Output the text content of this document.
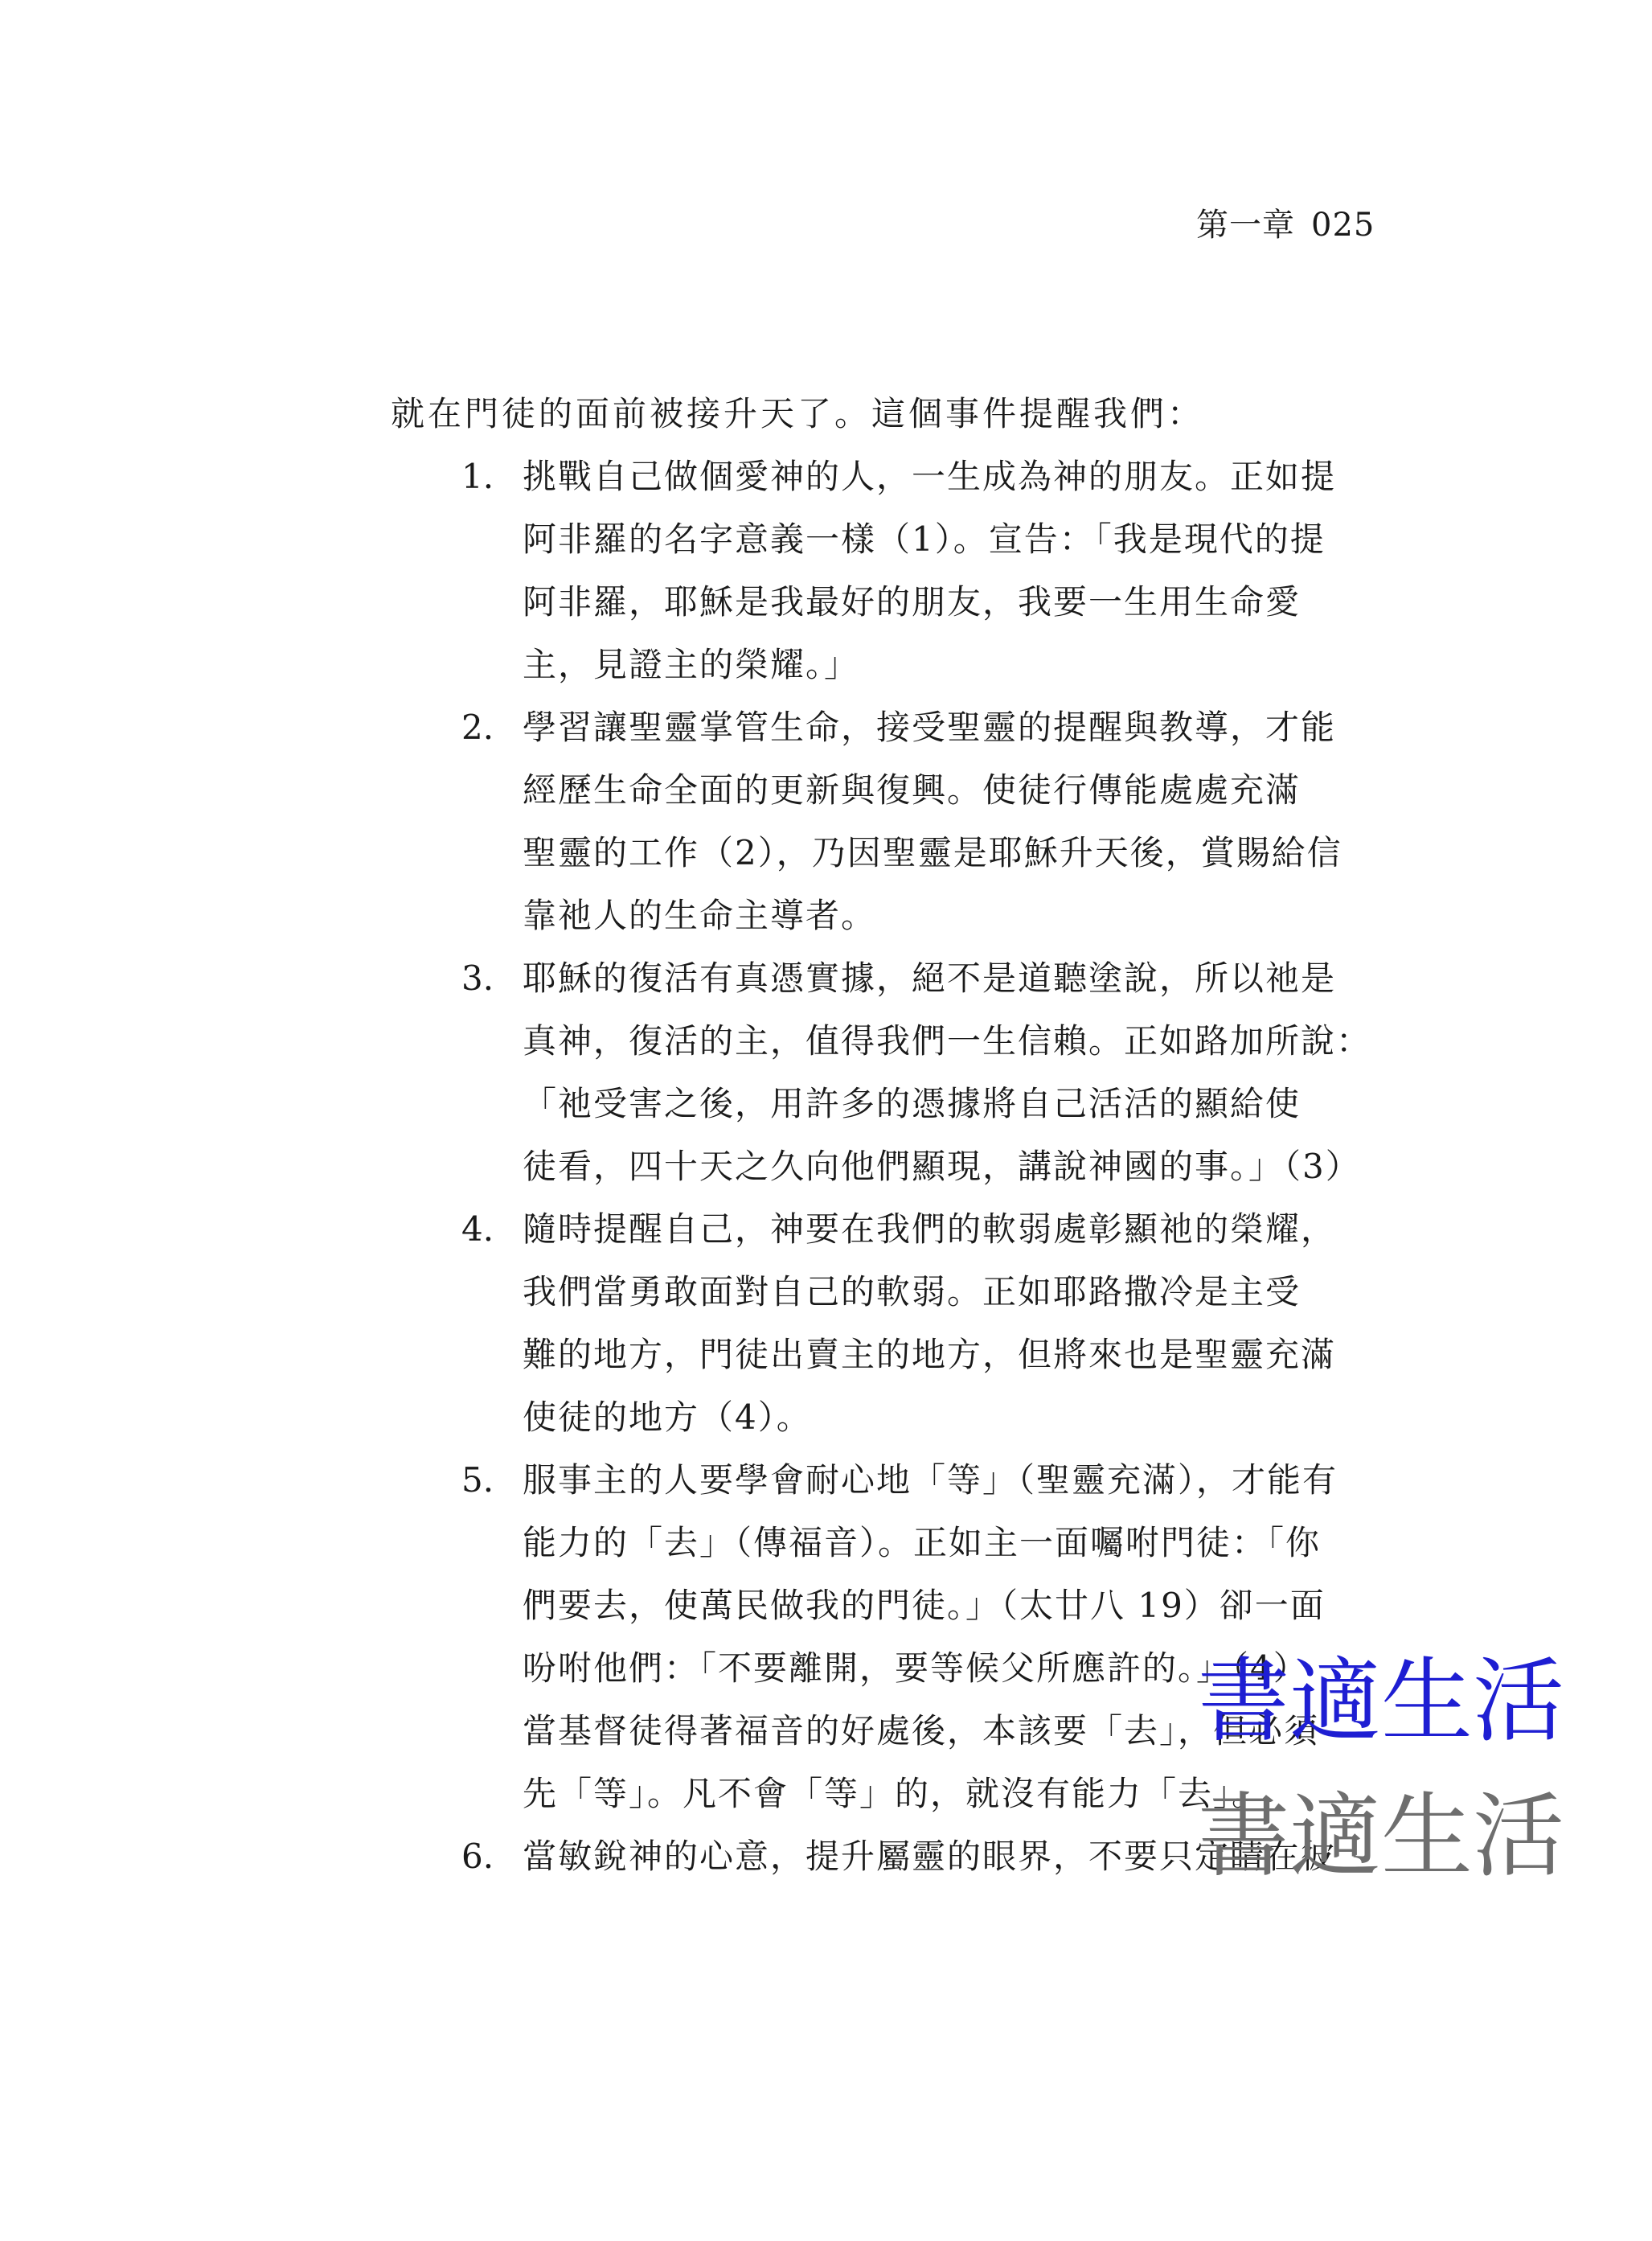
第一章 025

就在門徒的面前被接升天了。這個事件提醒我們：

1. 挑戰自己做個愛神的人，一生成為神的朋友。正如提
阿非羅的名字意義一樣（1）。宣告：「我是現代的提
阿非羅，耶穌是我最好的朋友，我要一生用生命愛
主，見證主的榮耀。」
2. 學習讓聖靈掌管生命，接受聖靈的提醒與教導，才能
經歷生命全面的更新與復興。使徒行傳能處處充滿
聖靈的工作（2），乃因聖靈是耶穌升天後，賞賜給信
靠祂人的生命主導者。
3. 耶穌的復活有真憑實據，絕不是道聽塗說，所以祂是
真神，復活的主，值得我們一生信賴。正如路加所說：
「祂受害之後，用許多的憑據將自己活活的顯給使
徒看，四十天之久向他們顯現，講說神國的事。」（3）
4. 隨時提醒自己，神要在我們的軟弱處彰顯祂的榮耀，
我們當勇敢面對自己的軟弱。正如耶路撒冷是主受
難的地方，門徒出賣主的地方，但將來也是聖靈充滿
使徒的地方（4）。
5. 服事主的人要學會耐心地「等」（聖靈充滿），才能有
能力的「去」（傳福音）。正如主一面囑咐門徒：「你
們要去，使萬民做我的門徒。」（太廿八 19）卻一面
吩咐他們：「不要離開，要等候父所應許的。」（4）
當基督徒得著福音的好處後，本該要「去」，但必須
先「等」。凡不會「等」的，就沒有能力「去」。
6. 當敏銳神的心意，提升屬靈的眼界，不要只定睛在彼
書適生活
書適生活
